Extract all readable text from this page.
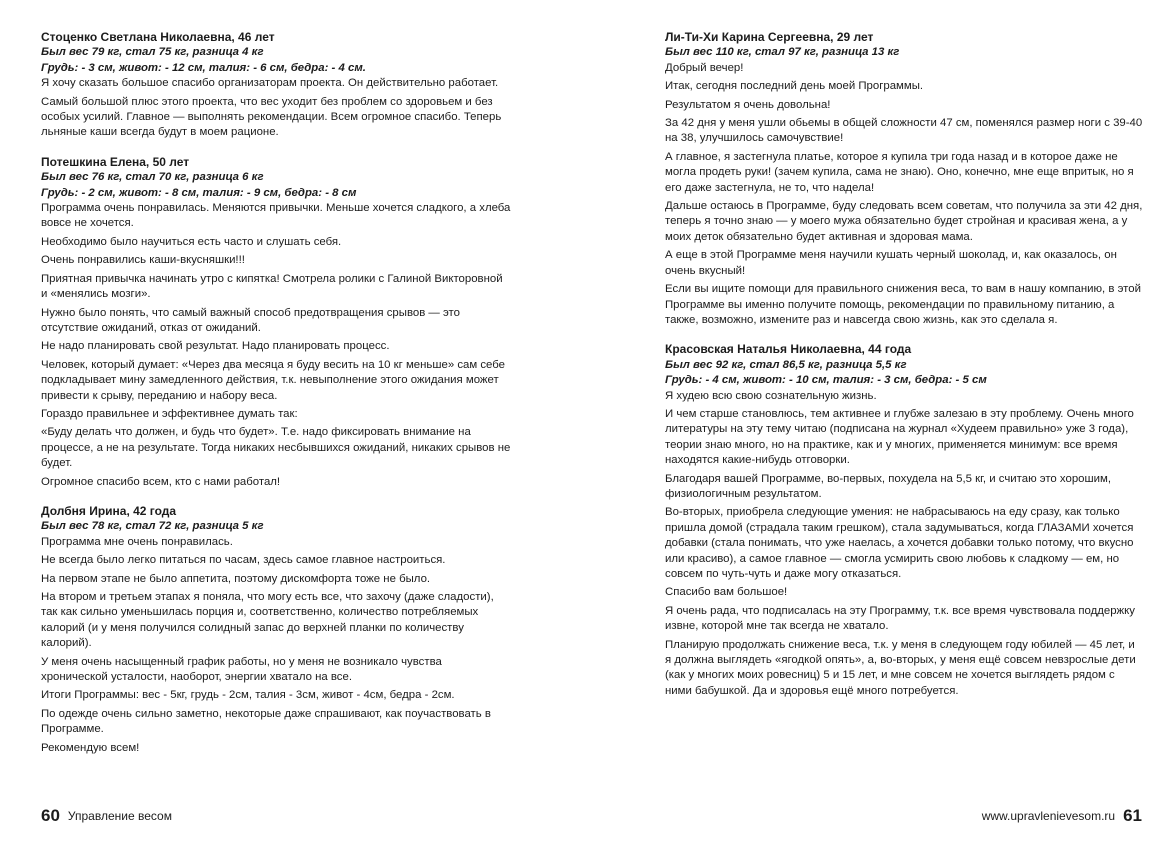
Стоценко Светлана Николаевна, 46 лет

Был вес 79 кг, стал 75 кг, разница 4 кг

Грудь: - 3 см, живот: - 12 см, талия: - 6 см, бедра: - 4 см.

Я хочу сказать большое спасибо организаторам проекта. Он действительно работает.

Самый большой плюс этого проекта, что вес уходит без проблем со здоровьем и без особых усилий. Главное — выполнять рекомендации. Всем огромное спасибо. Теперь льняные каши всегда будут в моем рационе.

Потешкина Елена, 50 лет

Был вес 76 кг, стал 70 кг, разница 6 кг

Грудь: - 2 см, живот: - 8 см, талия: - 9 см, бедра: - 8 см

Программа очень понравилась. Меняются привычки. Меньше хочется сладкого, а хлеба вовсе не хочется.

Необходимо было научиться есть часто и слушать себя.

Очень понравились каши-вкусняшки!!!

Приятная привычка начинать утро с кипятка! Смотрела ролики с Галиной Викторовной и «менялись мозги».

Нужно было понять, что самый важный способ предотвращения срывов — это отсутствие ожиданий, отказ от ожиданий.

Не надо планировать свой результат. Надо планировать процесс.

Человек, который думает: «Через два месяца я буду весить на 10 кг меньше» сам себе подкладывает мину замедленного действия, т.к. невыполнение этого ожидания может привести к срыву, переданию и набору веса.

Гораздо правильнее и эффективнее думать так:

«Буду делать что должен, и будь что будет». Т.е. надо фиксировать внимание на процессе, а не на результате. Тогда никаких несбывшихся ожиданий, никаких срывов не будет.

Огромное спасибо всем, кто с нами работал!

Долбня Ирина, 42 года

Был вес 78 кг, стал 72 кг, разница 5 кг

Программа мне очень понравилась.

Не всегда было легко питаться по часам, здесь самое главное настроиться.

На первом этапе не было аппетита, поэтому дискомфорта тоже не было.

На втором и третьем этапах я поняла, что могу есть все, что захочу (даже сладости), так как сильно уменьшилась порция и, соответственно, количество потребляемых калорий (и у меня получился солидный запас до верхней планки по количеству калорий).

У меня очень насыщенный график работы, но у меня не возникало чувства хронической усталости, наоборот, энергии хватало на все.

Итоги Программы: вес - 5кг, грудь - 2см, талия - 3см, живот - 4см, бедра - 2см.

По одежде очень сильно заметно, некоторые даже спрашивают, как поучаствовать в Программе.

Рекомендую всем!

Ли-Ти-Хи Карина Сергеевна, 29 лет

Был вес 110 кг, стал 97 кг, разница 13 кг

Добрый вечер!

Итак, сегодня последний день моей Программы.

Результатом я очень довольна!

За 42 дня у меня ушли обьемы в общей сложности 47 см, поменялся размер ноги с 39-40 на 38, улучшилось самочувствие!

А главное, я застегнула платье, которое я купила три года назад и в которое даже не могла продеть руки! (зачем купила, сама не знаю). Оно, конечно, мне еще впритык, но я его даже застегнула, не то, что надела!

Дальше остаюсь в Программе, буду следовать всем советам, что получила за эти 42 дня, теперь я точно знаю — у моего мужа обязательно будет стройная и красивая жена, а у моих деток обязательно будет активная и здоровая мама.

А еще в этой Программе меня научили кушать черный шоколад, и, как оказалось, он очень вкусный!

Если вы ищите помощи для правильного снижения веса, то вам в нашу компанию, в этой Программе вы именно получите помощь, рекомендации по правильному питанию, а также, возможно, измените раз и навсегда свою жизнь, как это сделала я.

Красовская Наталья Николаевна, 44 года

Был вес 92 кг, стал 86,5 кг, разница 5,5 кг

Грудь: - 4 см, живот: - 10 см, талия: - 3 см, бедра: - 5 см

Я худею всю свою сознательную жизнь.

И чем старше становлюсь, тем активнее и глубже залезаю в эту проблему. Очень много литературы на эту тему читаю (подписана на журнал «Худеем правильно» уже 3 года), теории знаю много, но на практике, как и у многих, применяется минимум: все время находятся какие-нибудь отговорки.

Благодаря вашей Программе, во-первых, похудела на 5,5 кг, и считаю это хорошим, физиологичным результатом.

Во-вторых, приобрела следующие умения: не набрасываюсь на еду сразу, как только пришла домой (страдала таким грешком), стала задумываться, когда ГЛАЗАМИ хочется добавки (стала понимать, что уже наелась, а хочется добавки только потому, что вкусно или красиво), а самое главное — смогла усмирить свою любовь к сладкому — ем, но совсем по чуть-чуть и даже могу отказаться.

Спасибо вам большое!

Я очень рада, что подписалась на эту Программу, т.к. все время чувствовала поддержку извне, которой мне так всегда не хватало.

Планирую продолжать снижение веса, т.к. у меня в следующем году юбилей — 45 лет, и я должна выглядеть «ягодкой опять», а, во-вторых, у меня ещё совсем невзрослые дети (как у многих моих ровесниц) 5 и 15 лет, и мне совсем не хочется выглядеть рядом с ними бабушкой. Да и здоровья ещё много потребуется.

60 Управление весом	www.upravlenievesom.ru 61
